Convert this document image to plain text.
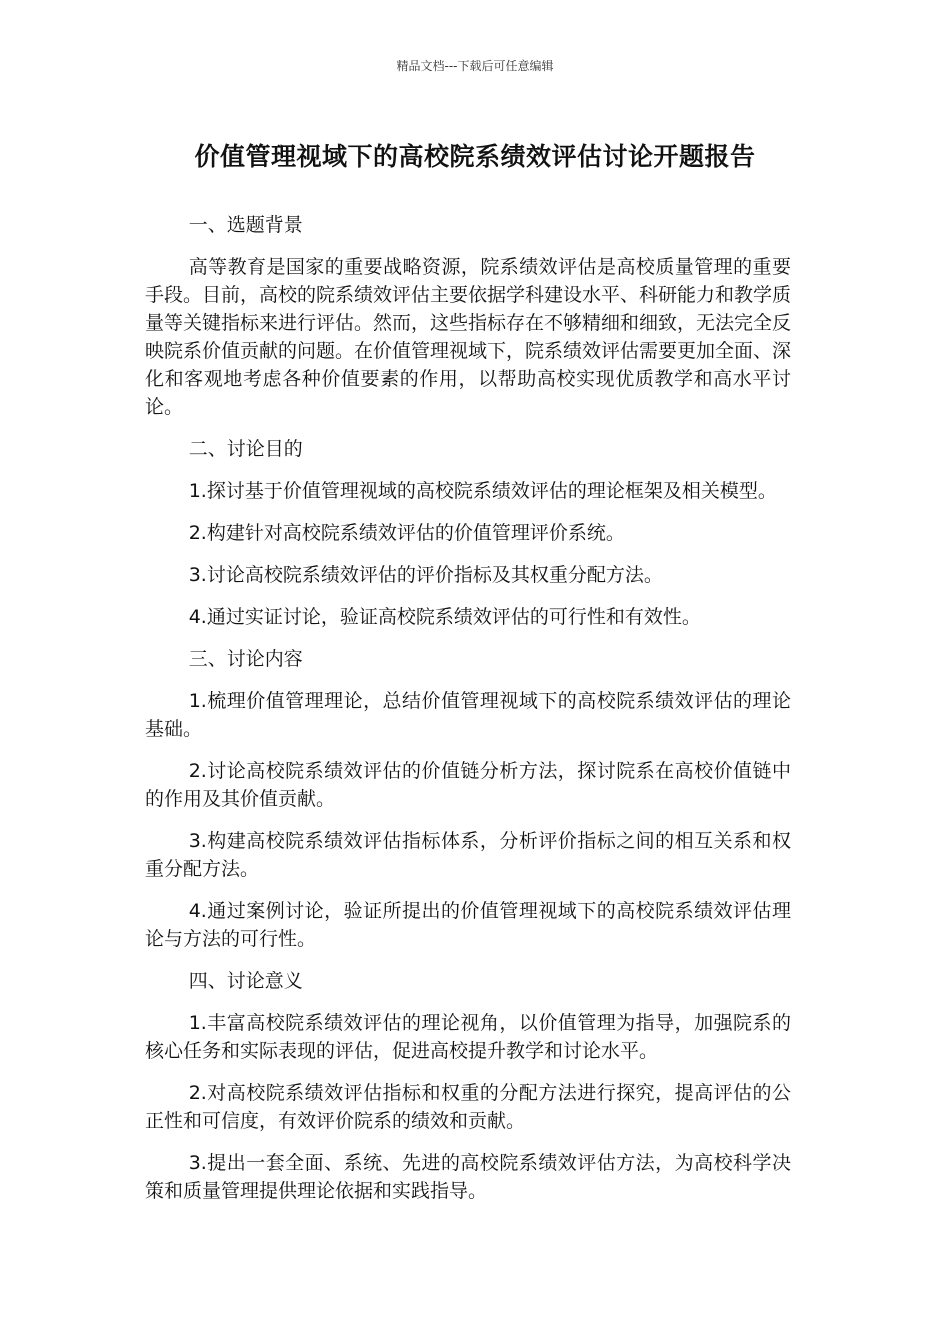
精品文档---下载后可任意编辑
价值管理视域下的高校院系绩效评估讨论开题报告

一、选题背景

高等教育是国家的重要战略资源，院系绩效评估是高校质量管理的重要手段。目前，高校的院系绩效评估主要依据学科建设水平、科研能力和教学质量等关键指标来进行评估。然而，这些指标存在不够精细和细致，无法完全反映院系价值贡献的问题。在价值管理视域下，院系绩效评估需要更加全面、深化和客观地考虑各种价值要素的作用，以帮助高校实现优质教学和高水平讨论。

二、讨论目的

1.探讨基于价值管理视域的高校院系绩效评估的理论框架及相关模型。

2.构建针对高校院系绩效评估的价值管理评价系统。

3.讨论高校院系绩效评估的评价指标及其权重分配方法。

4.通过实证讨论，验证高校院系绩效评估的可行性和有效性。

三、讨论内容

1.梳理价值管理理论，总结价值管理视域下的高校院系绩效评估的理论基础。

2.讨论高校院系绩效评估的价值链分析方法，探讨院系在高校价值链中的作用及其价值贡献。

3.构建高校院系绩效评估指标体系，分析评价指标之间的相互关系和权重分配方法。

4.通过案例讨论，验证所提出的价值管理视域下的高校院系绩效评估理论与方法的可行性。

四、讨论意义

1.丰富高校院系绩效评估的理论视角，以价值管理为指导，加强院系的核心任务和实际表现的评估，促进高校提升教学和讨论水平。

2.对高校院系绩效评估指标和权重的分配方法进行探究，提高评估的公正性和可信度，有效评价院系的绩效和贡献。

3.提出一套全面、系统、先进的高校院系绩效评估方法，为高校科学决策和质量管理提供理论依据和实践指导。
